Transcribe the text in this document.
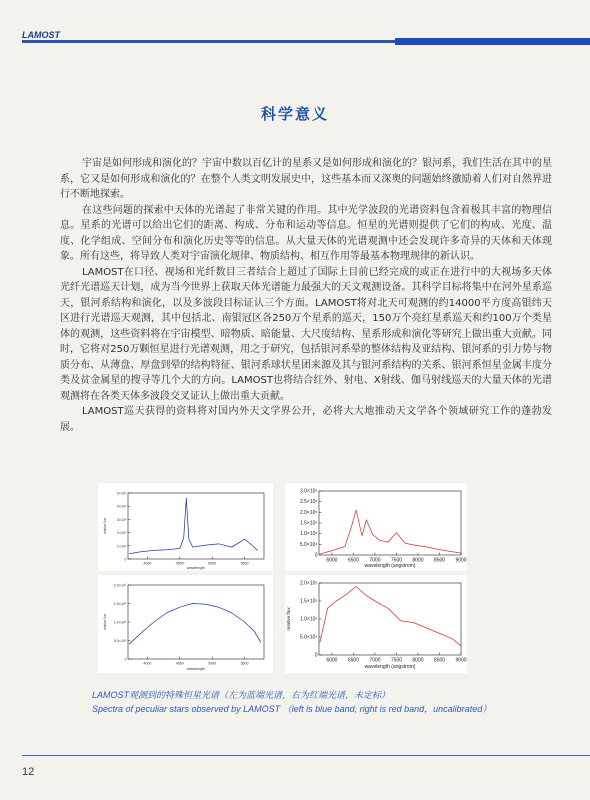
LAMOST
科学意义

宇宙是如何形成和演化的？宇宙中数以百亿计的星系又是如何形成和演化的？银河系，我们生活在其中的星系，它又是如何形成和演化的？在整个人类文明发展史中，这些基本而又深奥的问题始终激励着人们对自然界进行不断地探索。

在这些问题的探索中天体的光谱起了非常关键的作用。其中光学波段的光谱资料包含着极其丰富的物理信息。星系的光谱可以给出它们的距离、构成、分布和运动等信息。恒星的光谱则提供了它们的构成、光度、温度、化学组成、空间分布和演化历史等等的信息。从大量天体的光谱观测中还会发现许多奇异的天体和天体现象。所有这些，将导致人类对宇宙演化规律、物质结构、相互作用等最基本物理规律的新认识。

LAMOST在口径、视场和光纤数目三者结合上超过了国际上目前已经完成的或正在进行中的大视场多天体光纤光谱巡天计划，成为当今世界上获取天体光谱能力最强大的天文观测设备。其科学目标将集中在河外星系巡天，银河系结构和演化，以及多波段目标证认三个方面。LAMOST将对北天可观测的约14000平方度高银纬天区进行光谱巡天观测，其中包括北、南银冠区各250万个星系的巡天，150万个亮红星系巡天和约100万个类星体的观测，这些资料将在宇宙模型、暗物质、暗能量、大尺度结构、星系形成和演化等研究上做出重大贡献。同时，它将对250万颗恒星进行光谱观测，用之于研究，包括银河系晕的整体结构及亚结构、银河系的引力势与物质分布、从薄盘、厚盘到晕的结构特征、银河系球状星团来源及其与银河系结构的关系、银河系恒星金属丰度分类及贫金属星的搜寻等几个大的方向。LAMOST也将结合红外、射电、X射线、伽马射线巡天的大量天体的光谱观测将在各类天体多波段交叉证认上做出重大贡献。

LAMOST巡天获得的资料将对国内外天文学界公开，必将大大地推动天文学各个领域研究工作的蓬勃发展。

4000	4500	5000	5500
0
1×10⁴
2×10⁴
3×10⁴
4×10⁴
5×10⁴
wavelength
relative flux
4000	4500	5000	5500
0
5.0×10⁴
1.0×10⁵
1.5×10⁵
2.0×10⁵
wavelength
relative flux
6000 6500 7000 7500 8000 8500 9000
0
5.0×10⁴
1.0×10⁵
1.5×10⁵
2.0×10⁵
2.5×10⁵
3.0×10⁵
wavelength (angstrom)
6000 6500 7000 7500 8000 8500 9000
0
5.0×10⁴
1.0×10⁵
1.5×10⁵
2.0×10⁵
wavelength (angstrom)
relative flux
LAMOST观测到的特殊恒星光谱（左为蓝端光谱，右为红端光谱，未定标）
Spectra of peculiar stars observed by LAMOST （left is blue band, right is red band，uncalibrated）
12
